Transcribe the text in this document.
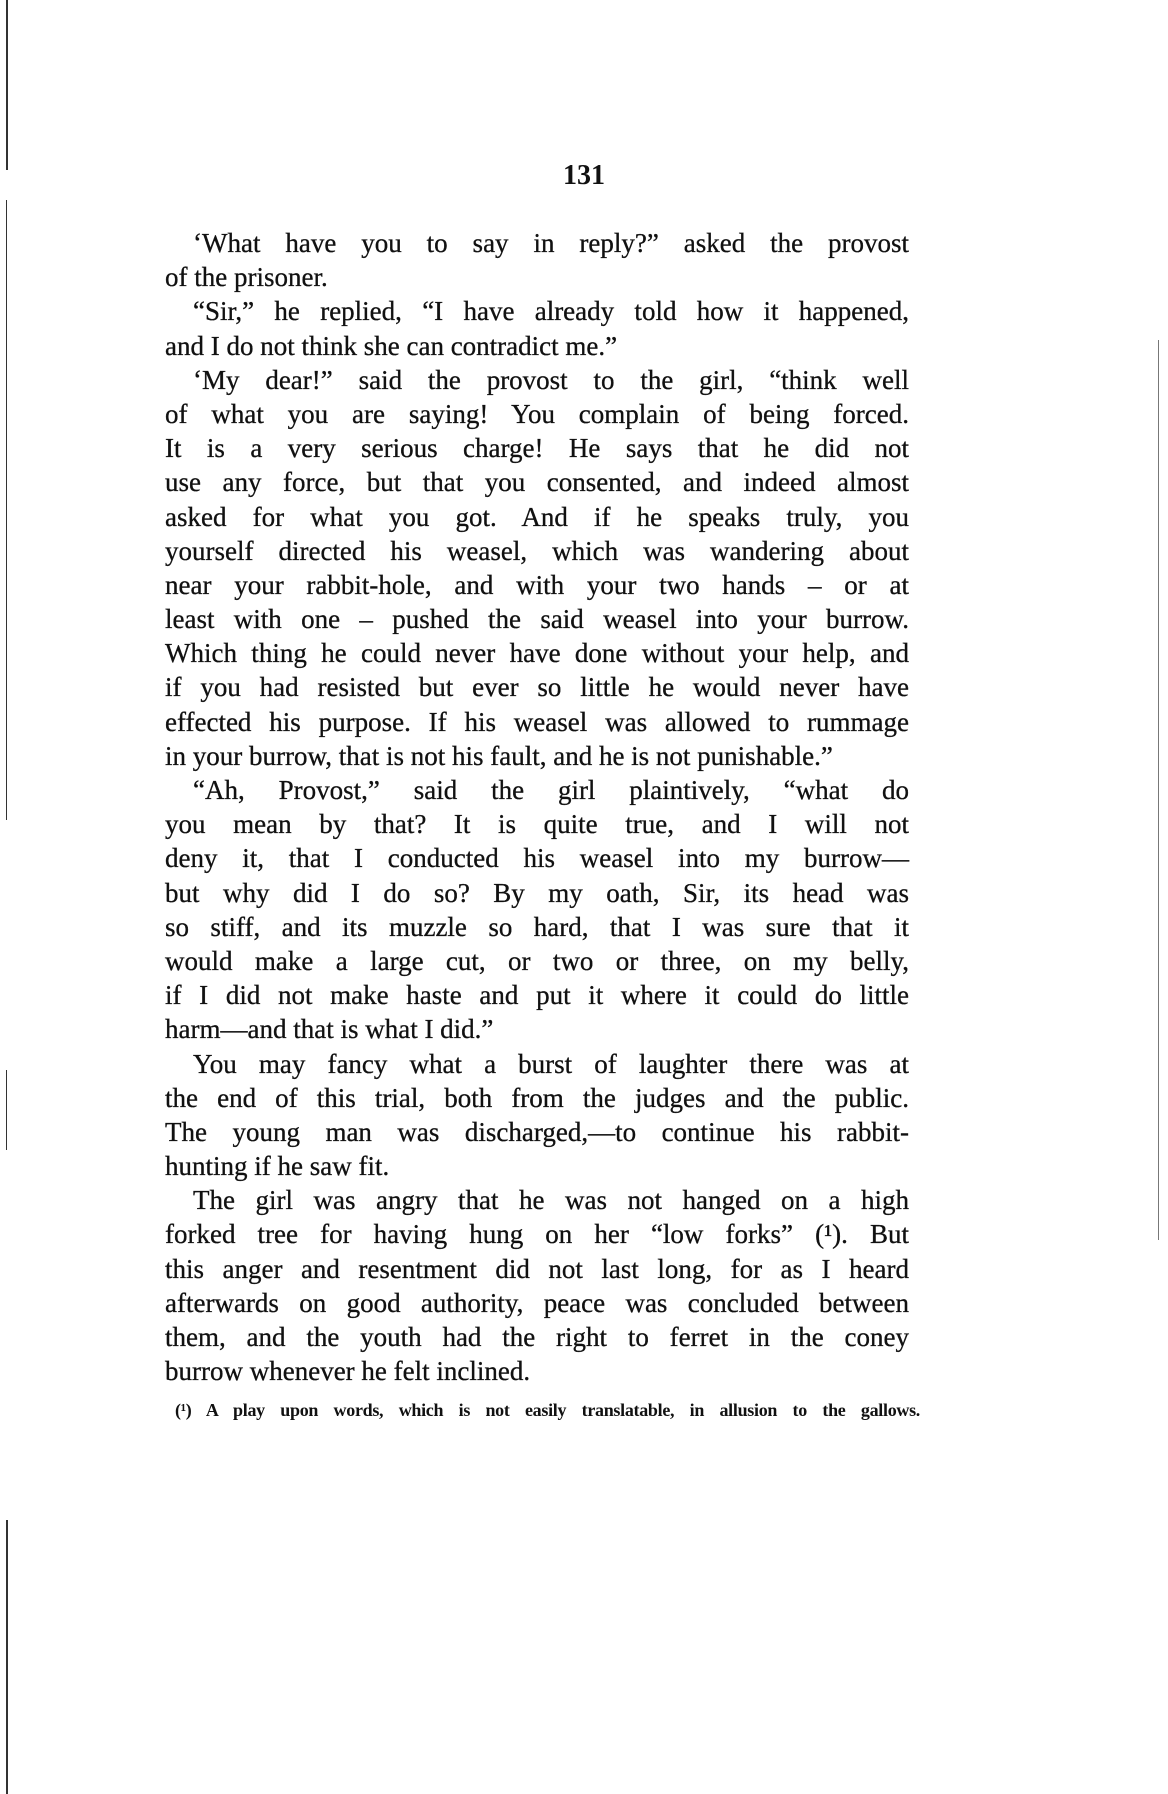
131
‘What have you to say in reply?” asked the provost
of the prisoner.
“Sir,” he replied, “I have already told how it happened,
and I do not think she can contradict me.”
‘My dear!” said the provost to the girl, “think well
of what you are saying! You complain of being forced.
It is a very serious charge! He says that he did not
use any force, but that you consented, and indeed almost
asked for what you got. And if he speaks truly, you
yourself directed his weasel, which was wandering about
near your rabbit-hole, and with your two hands – or at
least with one – pushed the said weasel into your burrow.
Which thing he could never have done without your help, and
if you had resisted but ever so little he would never have
effected his purpose. If his weasel was allowed to rummage
in your burrow, that is not his fault, and he is not punishable.”
“Ah, Provost,” said the girl plaintively, “what do
you mean by that? It is quite true, and I will not
deny it, that I conducted his weasel into my burrow—
but why did I do so? By my oath, Sir, its head was
so stiff, and its muzzle so hard, that I was sure that it
would make a large cut, or two or three, on my belly,
if I did not make haste and put it where it could do little
harm—and that is what I did.”
You may fancy what a burst of laughter there was at
the end of this trial, both from the judges and the public.
The young man was discharged,—to continue his rabbit-
hunting if he saw fit.
The girl was angry that he was not hanged on a high
forked tree for having hung on her “low forks” (¹). But
this anger and resentment did not last long, for as I heard
afterwards on good authority, peace was concluded between
them, and the youth had the right to ferret in the coney
burrow whenever he felt inclined.
(¹) A play upon words, which is not easily translatable, in allusion to the gallows.
